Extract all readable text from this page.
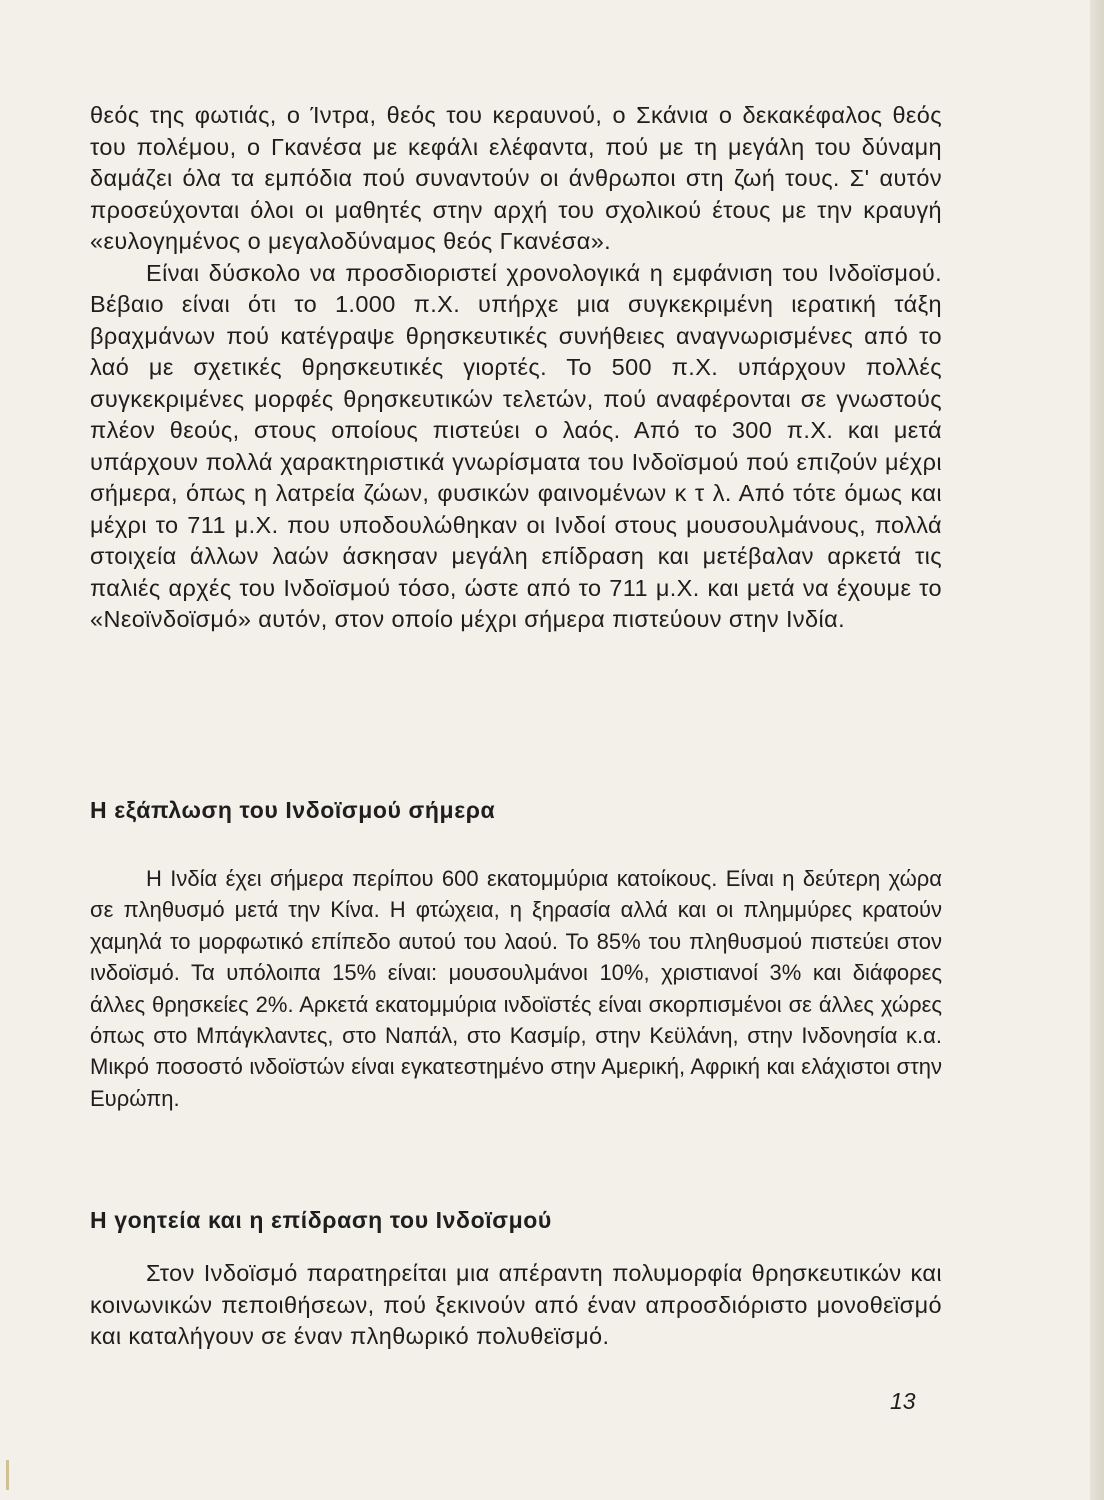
θεός της φωτιάς, ο Ίντρα, θεός του κεραυνού, ο Σκάνια ο δεκακέφαλος θεός του πολέμου, ο Γκανέσα με κεφάλι ελέφαντα, πού με τη μεγάλη του δύναμη δαμάζει όλα τα εμπόδια πού συναντούν οι άνθρωποι στη ζωή τους. Σ' αυτόν προσεύχονται όλοι οι μαθητές στην αρχή του σχολικού έτους με την κραυγή «ευλογημένος ο μεγαλοδύναμος θεός Γκανέσα».

Είναι δύσκολο να προσδιοριστεί χρονολογικά η εμφάνιση του Ινδοϊσμού. Βέβαιο είναι ότι το 1.000 π.Χ. υπήρχε μια συγκεκριμένη ιερατική τάξη βραχμάνων πού κατέγραψε θρησκευτικές συνήθειες αναγνωρισμένες από το λαό με σχετικές θρησκευτικές γιορτές. Το 500 π.Χ. υπάρχουν πολλές συγκεκριμένες μορφές θρησκευτικών τελετών, πού αναφέρονται σε γνωστούς πλέον θεούς, στους οποίους πιστεύει ο λαός. Από το 300 π.Χ. και μετά υπάρχουν πολλά χαρακτηριστικά γνωρίσματα του Ινδοϊσμού πού επιζούν μέχρι σήμερα, όπως η λατρεία ζώων, φυσικών φαινομένων κ τ λ. Από τότε όμως και μέχρι το 711 μ.Χ. που υποδουλώθηκαν οι Ινδοί στους μουσουλμάνους, πολλά στοιχεία άλλων λαών άσκησαν μεγάλη επίδραση και μετέβαλαν αρκετά τις παλιές αρχές του Ινδοϊσμού τόσο, ώστε από το 711 μ.Χ. και μετά να έχουμε το «Νεοϊνδοϊσμό» αυτόν, στον οποίο μέχρι σήμερα πιστεύουν στην Ινδία.

Η εξάπλωση του Ινδοϊσμού σήμερα

Η Ινδία έχει σήμερα περίπου 600 εκατομμύρια κατοίκους. Είναι η δεύτερη χώρα σε πληθυσμό μετά την Κίνα. Η φτώχεια, η ξηρασία αλλά και οι πλημμύρες κρατούν χαμηλά το μορφωτικό επίπεδο αυτού του λαού. Το 85% του πληθυσμού πιστεύει στον ινδοϊσμό. Τα υπόλοιπα 15% είναι: μουσουλμάνοι 10%, χριστιανοί 3% και διάφορες άλλες θρησκείες 2%. Αρκετά εκατομμύρια ινδοϊστές είναι σκορπισμένοι σε άλλες χώρες όπως στο Μπάγκλαντες, στο Ναπάλ, στο Κασμίρ, στην Κεϋλάνη, στην Ινδονησία κ.α. Μικρό ποσοστό ινδοϊστών είναι εγκατεστημένο στην Αμερική, Αφρική και ελάχιστοι στην Ευρώπη.

Η γοητεία και η επίδραση του Ινδοϊσμού

Στον Ινδοϊσμό παρατηρείται μια απέραντη πολυμορφία θρησκευτικών και κοινωνικών πεποιθήσεων, πού ξεκινούν από έναν απροσδιόριστο μονοθεϊσμό και καταλήγουν σε έναν πληθωρικό πολυθεϊσμό.

13
